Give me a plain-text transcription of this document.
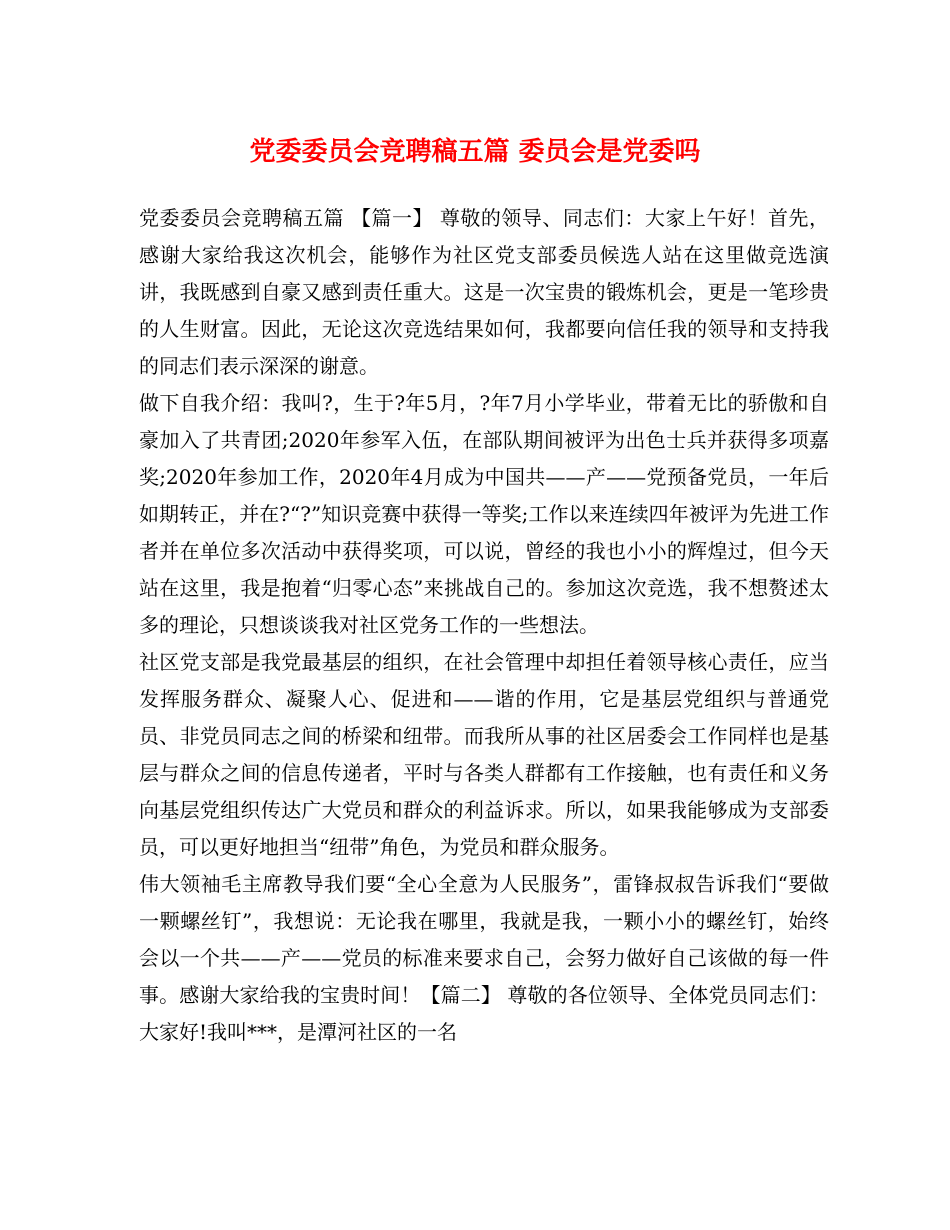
党委委员会竞聘稿五篇 委员会是党委吗

党委委员会竞聘稿五篇 【篇一】 尊敬的领导、同志们：大家上午好！首先，感谢大家给我这次机会，能够作为社区党支部委员候选人站在这里做竞选演讲，我既感到自豪又感到责任重大。这是一次宝贵的锻炼机会，更是一笔珍贵的人生财富。因此，无论这次竞选结果如何，我都要向信任我的领导和支持我的同志们表示深深的谢意。

做下自我介绍：我叫?，生于?年5月，?年7月小学毕业，带着无比的骄傲和自豪加入了共青团;2020年参军入伍，在部队期间被评为出色士兵并获得多项嘉奖;2020年参加工作，2020年4月成为中国共——产——党预备党员，一年后如期转正，并在?“?”知识竞赛中获得一等奖;工作以来连续四年被评为先进工作者并在单位多次活动中获得奖项，可以说，曾经的我也小小的辉煌过，但今天站在这里，我是抱着“归零心态”来挑战自己的。参加这次竞选，我不想赘述太多的理论，只想谈谈我对社区党务工作的一些想法。

社区党支部是我党最基层的组织，在社会管理中却担任着领导核心责任，应当发挥服务群众、凝聚人心、促进和——谐的作用，它是基层党组织与普通党员、非党员同志之间的桥梁和纽带。而我所从事的社区居委会工作同样也是基层与群众之间的信息传递者，平时与各类人群都有工作接触，也有责任和义务向基层党组织传达广大党员和群众的利益诉求。所以，如果我能够成为支部委员，可以更好地担当“纽带”角色，为党员和群众服务。

伟大领袖毛主席教导我们要“全心全意为人民服务”，雷锋叔叔告诉我们“要做一颗螺丝钉”，我想说：无论我在哪里，我就是我，一颗小小的螺丝钉，始终会以一个共——产——党员的标准来要求自己，会努力做好自己该做的每一件事。感谢大家给我的宝贵时间！【篇二】 尊敬的各位领导、全体党员同志们： 大家好!我叫***，是潭河社区的一名
